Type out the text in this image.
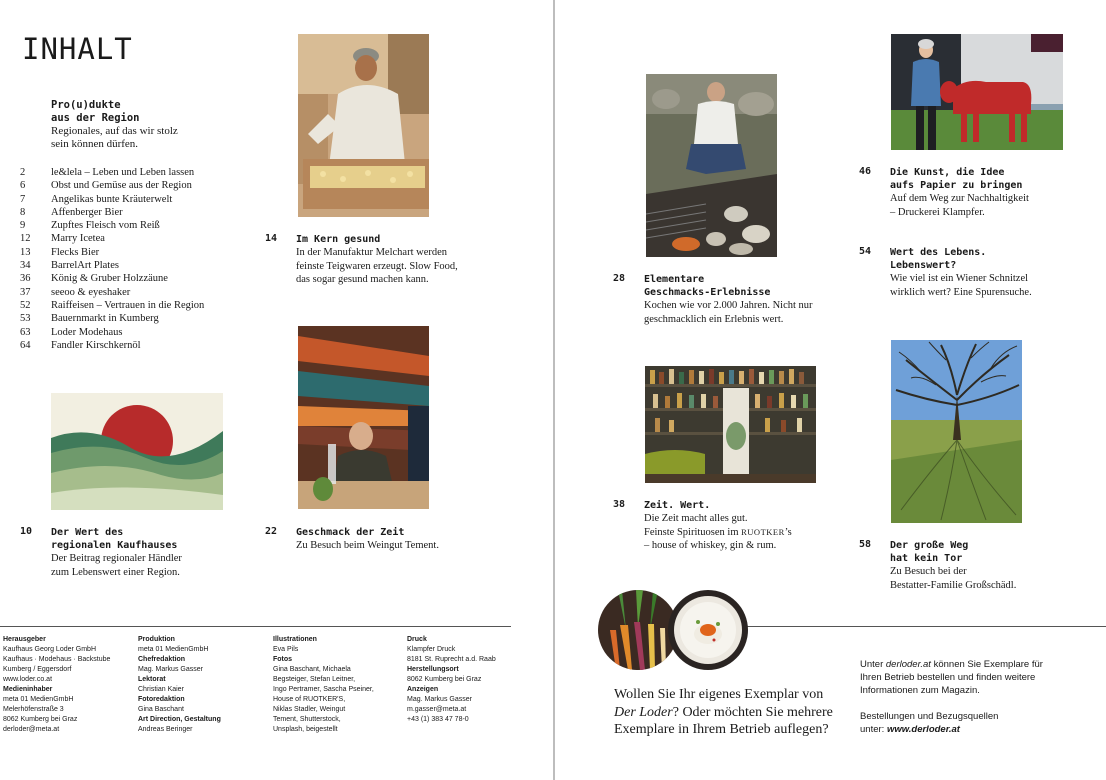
INHALT
Pro(u)dukte
aus der Region
Regionales, auf das wir stolz
sein können dürfen.
2	le&lela – Leben und Leben lassen
6	Obst und Gemüse aus der Region
7	Angelikas bunte Kräuterwelt
8	Affenberger Bier
9	Zupftes Fleisch vom Reiß
12	Marry Icetea
13	Flecks Bier
34	BarrelArt Plates
36	König & Gruber Holzzäune
37	seeoo & eyeshaker
52	Raiffeisen – Vertrauen in die Region
53	Bauernmarkt in Kumberg
63	Loder Modehaus
64	Fandler Kirschkernöl
14 Im Kern gesund
In der Manufaktur Melchart werden
feinste Teigwaren erzeugt. Slow Food,
das sogar gesund machen kann.
10 Der Wert des
regionalen Kaufhauses
Der Beitrag regionaler Händler
zum Lebenswert einer Region.
22 Geschmack der Zeit
Zu Besuch beim Weingut Tement.
Herausgeber
Kaufhaus Georg Loder GmbH
Kaufhaus · Modehaus · Backstube
Kumberg / Eggersdorf
www.loder.co.at
Medieninhaber
meta 01 MedienGmbH
Melerhöfenstraße 3
8062 Kumberg bei Graz
derloder@meta.at
Produktion
meta 01 MedienGmbH
Chefredaktion
Mag. Markus Gasser
Lektorat
Christian Kaier
Fotoredaktion
Gina Baschant
Art Direction, Gestaltung
Andreas Beringer
Illustrationen
Eva Pils
Fotos
Gina Baschant, Michaela
Begsteiger, Stefan Leitner,
Ingo Pertramer, Sascha Pseiner,
House of RUOTKER'S,
Niklas Stadler, Weingut
Tement, Shutterstock,
Unsplash, beigestellt
Druck
Klampfer Druck
8181 St. Ruprecht a.d. Raab
Herstellungsort
8062 Kumberg bei Graz
Anzeigen
Mag. Markus Gasser
m.gasser@meta.at
+43 (1) 383 47 78-0
28 Elementare
Geschmacks-Erlebnisse
Kochen wie vor 2.000 Jahren. Nicht nur
geschmacklich ein Erlebnis wert.
38 Zeit. Wert.
Die Zeit macht alles gut.
Feinste Spirituosen im RUOTKER’s
– house of whiskey, gin & rum.
46 Die Kunst, die Idee
aufs Papier zu bringen
Auf dem Weg zur Nachhaltigkeit
– Druckerei Klampfer.
54 Wert des Lebens.
Lebenswert?
Wie viel ist ein Wiener Schnitzel
wirklich wert? Eine Spurensuche.
58 Der große Weg
hat kein Tor
Zu Besuch bei der
Bestatter-Familie Großschädl.
Wollen Sie Ihr eigenes Exemplar von
Der Loder? Oder möchten Sie mehrere
Exemplare in Ihrem Betrieb auflegen?
Unter derloder.at können Sie Exemplare für
Ihren Betrieb bestellen und finden weitere
Informationen zum Magazin.
Bestellungen und Bezugsquellen
unter: www.derloder.at
